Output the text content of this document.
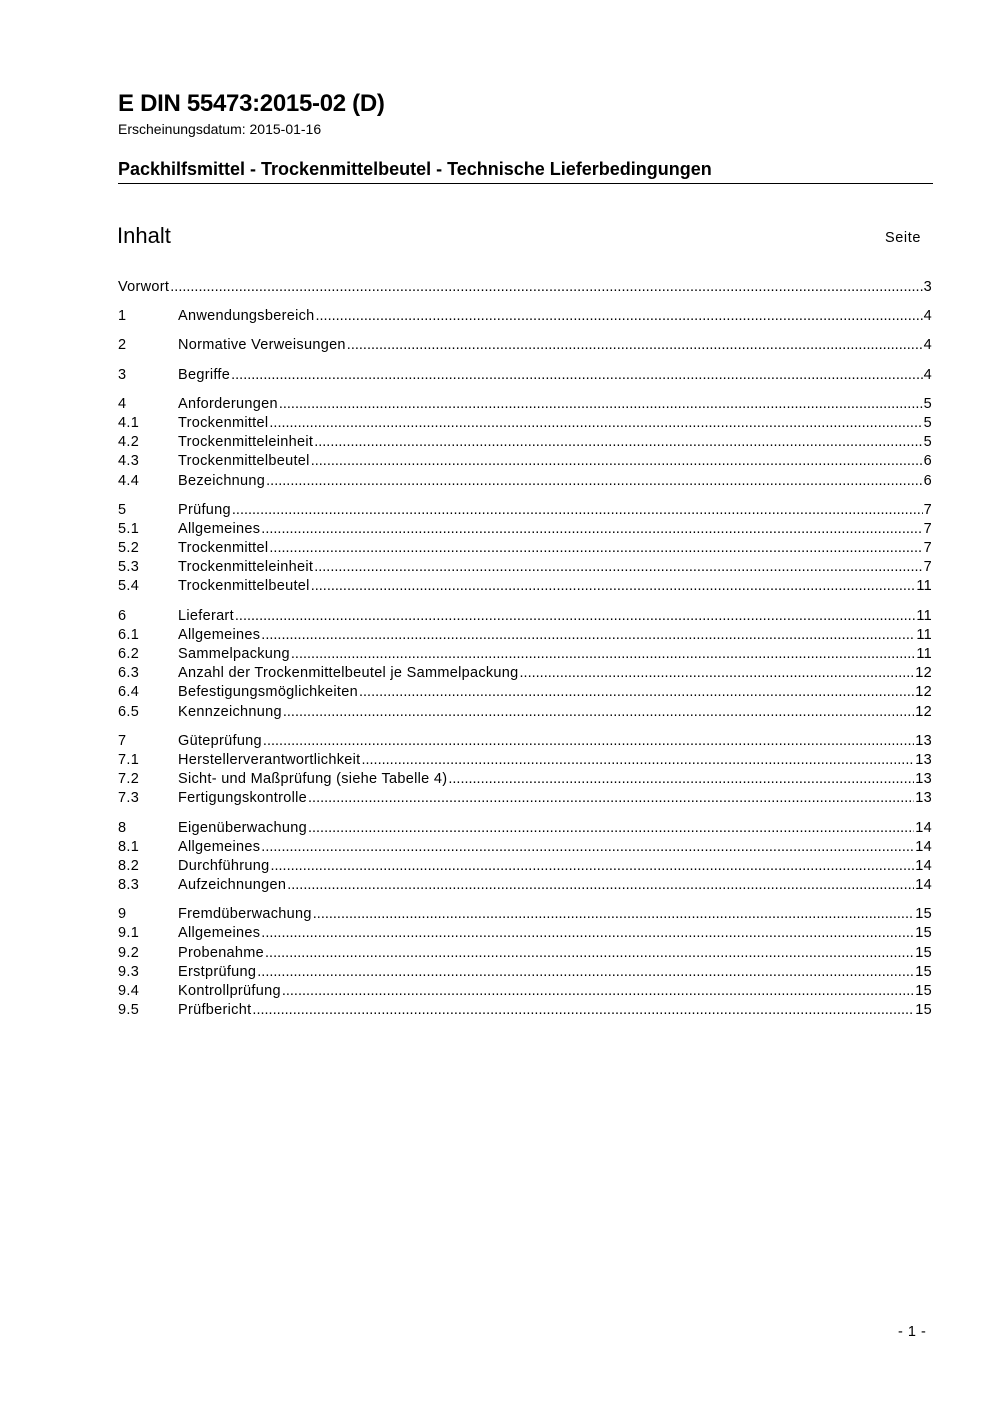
E DIN 55473:2015-02 (D)
Erscheinungsdatum: 2015-01-16
Packhilfsmittel - Trockenmittelbeutel - Technische Lieferbedingungen
Inhalt	Seite
Vorwort .....	3
1	Anwendungsbereich .....	4
2	Normative Verweisungen .....	4
3	Begriffe .....	4
4	Anforderungen .....	5
4.1	Trockenmittel .....	5
4.2	Trockenmitteleinheit .....	5
4.3	Trockenmittelbeutel .....	6
4.4	Bezeichnung .....	6
5	Prüfung .....	7
5.1	Allgemeines .....	7
5.2	Trockenmittel .....	7
5.3	Trockenmitteleinheit .....	7
5.4	Trockenmittelbeutel .....	11
6	Lieferart .....	11
6.1	Allgemeines .....	11
6.2	Sammelpackung .....	11
6.3	Anzahl der Trockenmittelbeutel je Sammelpackung .....	12
6.4	Befestigungsmöglichkeiten .....	12
6.5	Kennzeichnung .....	12
7	Güteprüfung .....	13
7.1	Herstellerverantwortlichkeit .....	13
7.2	Sicht- und Maßprüfung (siehe Tabelle 4) .....	13
7.3	Fertigungskontrolle .....	13
8	Eigenüberwachung .....	14
8.1	Allgemeines .....	14
8.2	Durchführung .....	14
8.3	Aufzeichnungen .....	14
9	Fremdüberwachung .....	15
9.1	Allgemeines .....	15
9.2	Probenahme .....	15
9.3	Erstprüfung .....	15
9.4	Kontrollprüfung .....	15
9.5	Prüfbericht .....	15
- 1 -
